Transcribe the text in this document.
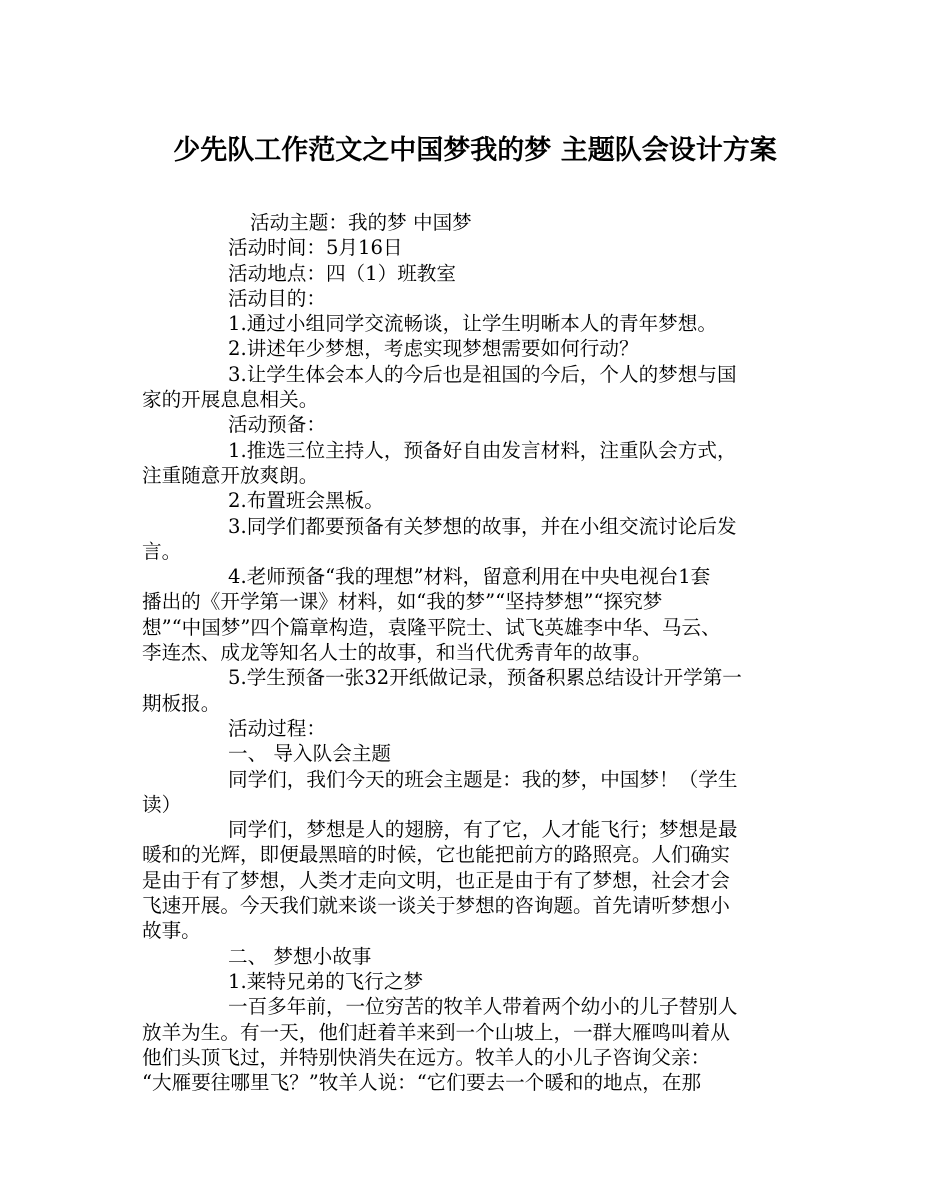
少先队工作范文之中国梦我的梦 主题队会设计方案
活动主题：我的梦 中国梦
活动时间：5月16日
活动地点：四（1）班教室
活动目的：
1.通过小组同学交流畅谈，让学生明晰本人的青年梦想。
2.讲述年少梦想，考虑实现梦想需要如何行动？
3.让学生体会本人的今后也是祖国的今后，个人的梦想与国
家的开展息息相关。
活动预备：
1.推选三位主持人，预备好自由发言材料，注重队会方式，
注重随意开放爽朗。
2.布置班会黑板。
3.同学们都要预备有关梦想的故事，并在小组交流讨论后发
言。
4.老师预备“我的理想”材料，留意利用在中央电视台1套
播出的《开学第一课》材料，如“我的梦”“坚持梦想”“探究梦
想”“中国梦”四个篇章构造，袁隆平院士、试飞英雄李中华、马云、
李连杰、成龙等知名人士的故事，和当代优秀青年的故事。
5.学生预备一张32开纸做记录，预备积累总结设计开学第一
期板报。
活动过程：
一、 导入队会主题
同学们，我们今天的班会主题是：我的梦，中国梦！（学生
读）
同学们，梦想是人的翅膀，有了它，人才能飞行；梦想是最
暖和的光辉，即便最黑暗的时候，它也能把前方的路照亮。人们确实
是由于有了梦想，人类才走向文明，也正是由于有了梦想，社会才会
飞速开展。今天我们就来谈一谈关于梦想的咨询题。首先请听梦想小
故事。
二、 梦想小故事
1.莱特兄弟的飞行之梦
一百多年前，一位穷苦的牧羊人带着两个幼小的儿子替别人
放羊为生。有一天，他们赶着羊来到一个山坡上，一群大雁鸣叫着从
他们头顶飞过，并特别快消失在远方。牧羊人的小儿子咨询父亲：
“大雁要往哪里飞？”牧羊人说：“它们要去一个暖和的地点，在那
